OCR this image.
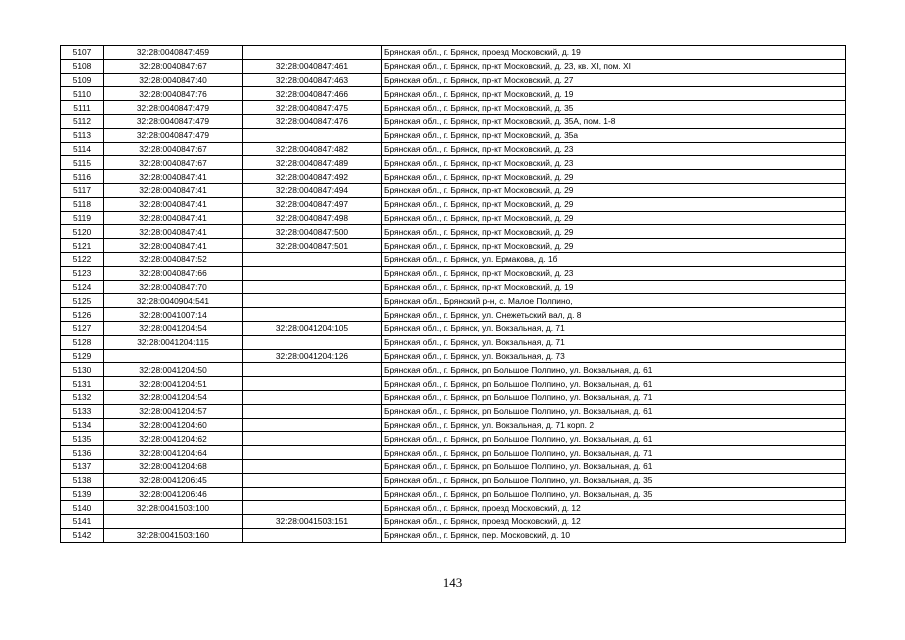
5107	32:28:0040847:459		Брянская обл., г. Брянск, проезд Московский, д. 19
5108	32:28:0040847:67	32:28:0040847:461	Брянская обл., г. Брянск, пр-кт Московский, д. 23, кв. XI, пом. XI
5109	32:28:0040847:40	32:28:0040847:463	Брянская обл., г. Брянск, пр-кт Московский, д. 27
5110	32:28:0040847:76	32:28:0040847:466	Брянская обл., г. Брянск, пр-кт Московский, д. 19
5111	32:28:0040847:479	32:28:0040847:475	Брянская обл., г. Брянск, пр-кт Московский, д. 35
5112	32:28:0040847:479	32:28:0040847:476	Брянская обл., г. Брянск, пр-кт Московский, д. 35А, пом. 1-8
5113	32:28:0040847:479		Брянская обл., г. Брянск, пр-кт Московский, д. 35а
5114	32:28:0040847:67	32:28:0040847:482	Брянская обл., г. Брянск, пр-кт Московский, д. 23
5115	32:28:0040847:67	32:28:0040847:489	Брянская обл., г. Брянск, пр-кт Московский, д. 23
5116	32:28:0040847:41	32:28:0040847:492	Брянская обл., г. Брянск, пр-кт Московский, д. 29
5117	32:28:0040847:41	32:28:0040847:494	Брянская обл., г. Брянск, пр-кт Московский, д. 29
5118	32:28:0040847:41	32:28:0040847:497	Брянская обл., г. Брянск, пр-кт Московский, д. 29
5119	32:28:0040847:41	32:28:0040847:498	Брянская обл., г. Брянск, пр-кт Московский, д. 29
5120	32:28:0040847:41	32:28:0040847:500	Брянская обл., г. Брянск, пр-кт Московский, д. 29
5121	32:28:0040847:41	32:28:0040847:501	Брянская обл., г. Брянск, пр-кт Московский, д. 29
5122	32:28:0040847:52		Брянская обл., г. Брянск, ул. Ермакова, д. 1б
5123	32:28:0040847:66		Брянская обл., г. Брянск, пр-кт Московский, д. 23
5124	32:28:0040847:70		Брянская обл., г. Брянск, пр-кт Московский, д. 19
5125	32:28:0040904:541		Брянская обл., Брянский р-н, с. Малое Полпино,
5126	32:28:0041007:14		Брянская обл., г. Брянск, ул. Снежетьский вал, д. 8
5127	32:28:0041204:54	32:28:0041204:105	Брянская обл., г. Брянск, ул. Вокзальная, д. 71
5128	32:28:0041204:115		Брянская обл., г. Брянск, ул. Вокзальная, д. 71
5129		32:28:0041204:126	Брянская обл., г. Брянск, ул. Вокзальная, д. 73
5130	32:28:0041204:50		Брянская обл., г. Брянск, рп Большое Полпино, ул. Вокзальная, д. 61
5131	32:28:0041204:51		Брянская обл., г. Брянск, рп Большое Полпино, ул. Вокзальная, д. 61
5132	32:28:0041204:54		Брянская обл., г. Брянск, рп Большое Полпино, ул. Вокзальная, д. 71
5133	32:28:0041204:57		Брянская обл., г. Брянск, рп Большое Полпино, ул. Вокзальная, д. 61
5134	32:28:0041204:60		Брянская обл., г. Брянск, ул. Вокзальная, д. 71 корп. 2
5135	32:28:0041204:62		Брянская обл., г. Брянск, рп Большое Полпино, ул. Вокзальная, д. 61
5136	32:28:0041204:64		Брянская обл., г. Брянск, рп Большое Полпино, ул. Вокзальная, д. 71
5137	32:28:0041204:68		Брянская обл., г. Брянск, рп Большое Полпино, ул. Вокзальная, д. 61
5138	32:28:0041206:45		Брянская обл., г. Брянск, рп Большое Полпино, ул. Вокзальная, д. 35
5139	32:28:0041206:46		Брянская обл., г. Брянск, рп Большое Полпино, ул. Вокзальная, д. 35
5140	32:28:0041503:100		Брянская обл., г. Брянск, проезд Московский, д. 12
5141		32:28:0041503:151	Брянская обл., г. Брянск, проезд Московский, д. 12
5142	32:28:0041503:160		Брянская обл., г. Брянск, пер. Московский, д. 10
143
